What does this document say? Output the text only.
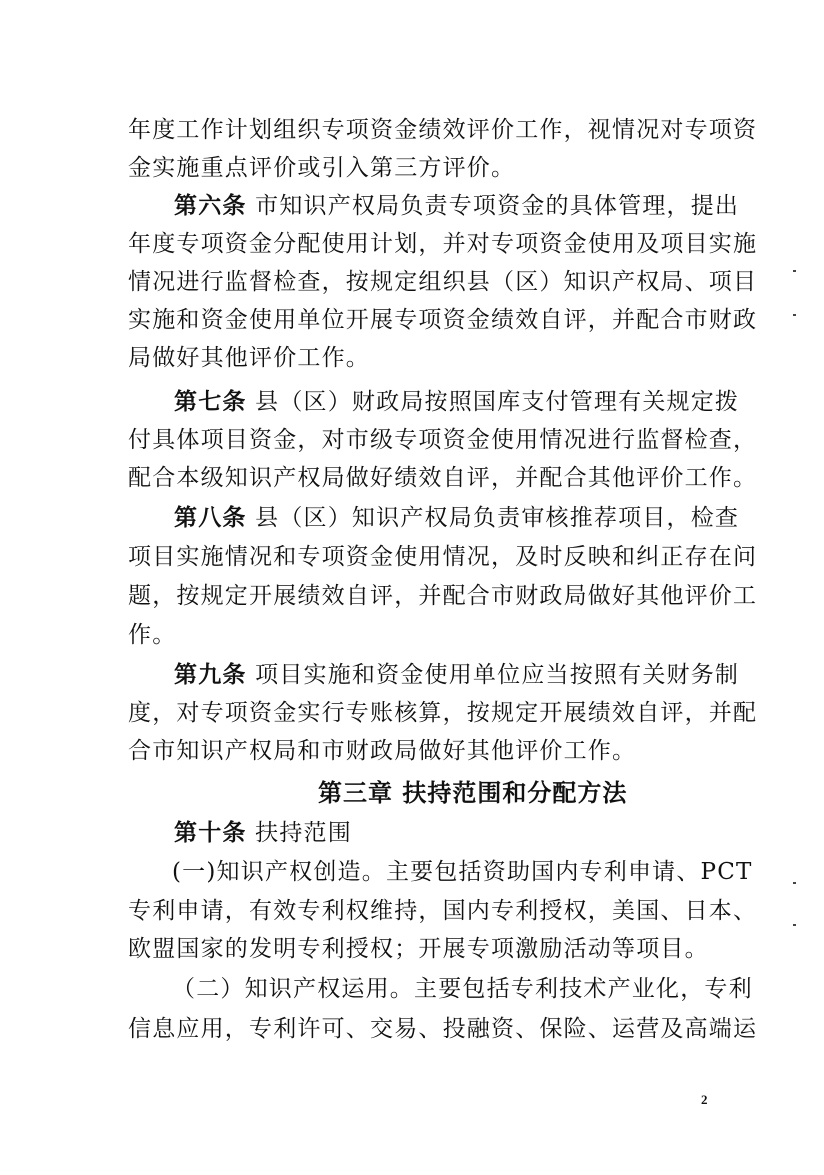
年度工作计划组织专项资金绩效评价工作，视情况对专项资
金实施重点评价或引入第三方评价。
第六条 市知识产权局负责专项资金的具体管理，提出
年度专项资金分配使用计划，并对专项资金使用及项目实施
情况进行监督检查，按规定组织县（区）知识产权局、项目
实施和资金使用单位开展专项资金绩效自评，并配合市财政
局做好其他评价工作。
第七条 县（区）财政局按照国库支付管理有关规定拨
付具体项目资金，对市级专项资金使用情况进行监督检查，
配合本级知识产权局做好绩效自评，并配合其他评价工作。
第八条 县（区）知识产权局负责审核推荐项目，检查
项目实施情况和专项资金使用情况，及时反映和纠正存在问
题，按规定开展绩效自评，并配合市财政局做好其他评价工
作。
第九条 项目实施和资金使用单位应当按照有关财务制
度，对专项资金实行专账核算，按规定开展绩效自评，并配
合市知识产权局和市财政局做好其他评价工作。
第三章 扶持范围和分配方法
第十条 扶持范围
(一)知识产权创造。主要包括资助国内专利申请、PCT
专利申请，有效专利权维持，国内专利授权，美国、日本、
欧盟国家的发明专利授权；开展专项激励活动等项目。
（二）知识产权运用。主要包括专利技术产业化，专利
信息应用，专利许可、交易、投融资、保险、运营及高端运
2
